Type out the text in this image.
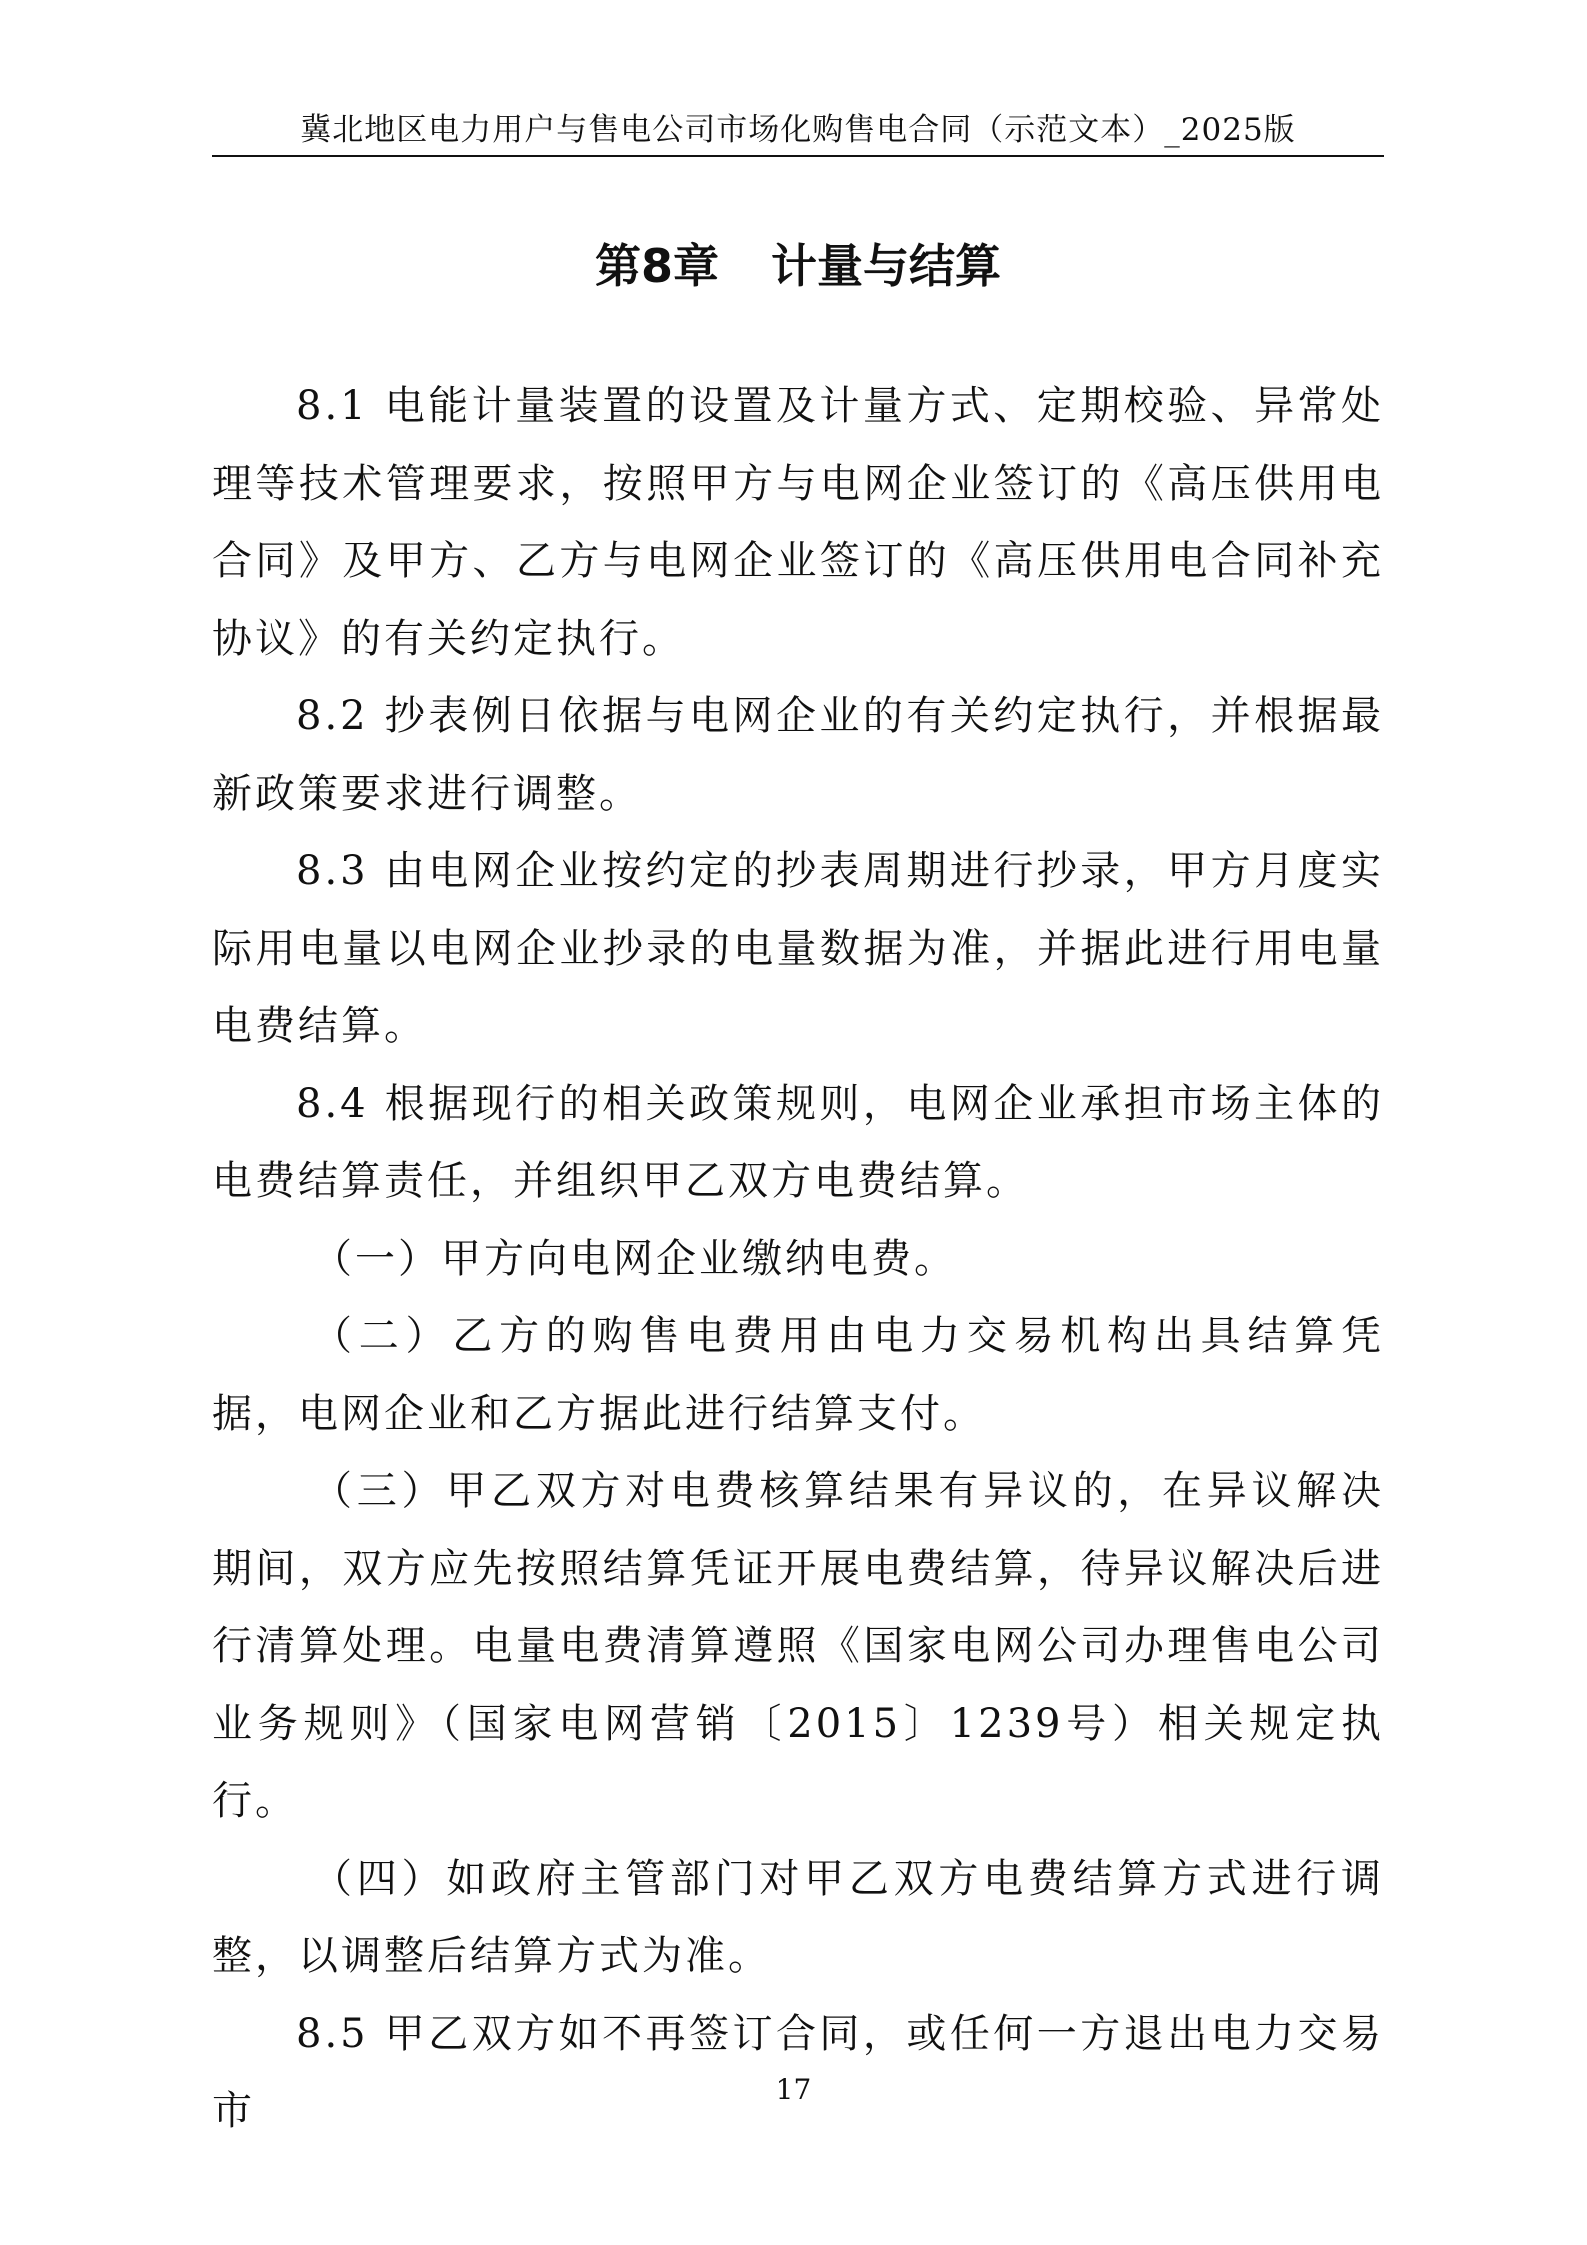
冀北地区电力用户与售电公司市场化购售电合同（示范文本）_2025版
第8章 计量与结算

8.1 电能计量装置的设置及计量方式、定期校验、异常处理等技术管理要求，按照甲方与电网企业签订的《高压供用电合同》及甲方、乙方与电网企业签订的《高压供用电合同补充协议》的有关约定执行。

8.2 抄表例日依据与电网企业的有关约定执行，并根据最新政策要求进行调整。

8.3 由电网企业按约定的抄表周期进行抄录，甲方月度实际用电量以电网企业抄录的电量数据为准，并据此进行用电量电费结算。

8.4 根据现行的相关政策规则，电网企业承担市场主体的电费结算责任，并组织甲乙双方电费结算。

（一）甲方向电网企业缴纳电费。

（二）乙方的购售电费用由电力交易机构出具结算凭据，电网企业和乙方据此进行结算支付。

（三）甲乙双方对电费核算结果有异议的，在异议解决期间，双方应先按照结算凭证开展电费结算，待异议解决后进行清算处理。电量电费清算遵照《国家电网公司办理售电公司业务规则》（国家电网营销〔2015〕1239号）相关规定执行。

（四）如政府主管部门对甲乙双方电费结算方式进行调整，以调整后结算方式为准。

8.5 甲乙双方如不再签订合同，或任何一方退出电力交易市	17
